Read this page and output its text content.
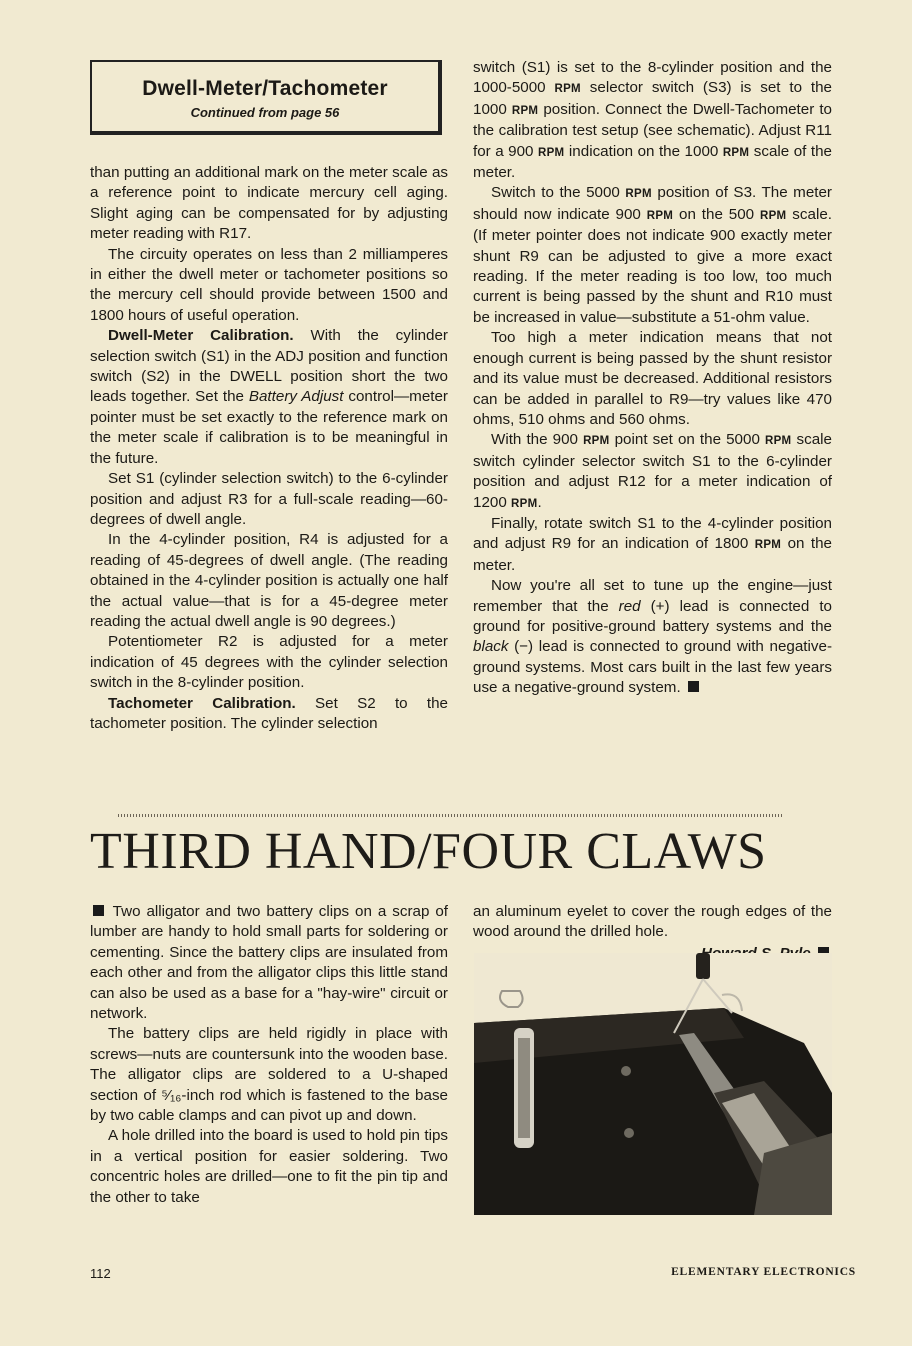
Dwell-Meter/Tachometer
Continued from page 56

than putting an additional mark on the meter scale as a reference point to indicate mercury cell aging. Slight aging can be compensated for by adjusting meter reading with R17.

The circuity operates on less than 2 milliamperes in either the dwell meter or tachometer positions so the mercury cell should provide between 1500 and 1800 hours of useful operation.

Dwell-Meter Calibration. With the cylinder selection switch (S1) in the ADJ position and function switch (S2) in the DWELL position short the two leads together. Set the Battery Adjust control—meter pointer must be set exactly to the reference mark on the meter scale if calibration is to be meaningful in the future.

Set S1 (cylinder selection switch) to the 6-cylinder position and adjust R3 for a full-scale reading—60-degrees of dwell angle.

In the 4-cylinder position, R4 is adjusted for a reading of 45-degrees of dwell angle. (The reading obtained in the 4-cylinder position is actually one half the actual value—that is for a 45-degree meter reading the actual dwell angle is 90 degrees.)

Potentiometer R2 is adjusted for a meter indication of 45 degrees with the cylinder selection switch in the 8-cylinder position.

Tachometer Calibration. Set S2 to the tachometer position. The cylinder selection

switch (S1) is set to the 8-cylinder position and the 1000-5000 RPM selector switch (S3) is set to the 1000 RPM position. Connect the Dwell-Tachometer to the calibration test setup (see schematic). Adjust R11 for a 900 RPM indication on the 1000 RPM scale of the meter.

Switch to the 5000 RPM position of S3. The meter should now indicate 900 RPM on the 500 RPM scale. (If meter pointer does not indicate 900 exactly meter shunt R9 can be adjusted to give a more exact reading. If the meter reading is too low, too much current is being passed by the shunt and R10 must be increased in value—substitute a 51-ohm value.

Too high a meter indication means that not enough current is being passed by the shunt resistor and its value must be decreased. Additional resistors can be added in parallel to R9—try values like 470 ohms, 510 ohms and 560 ohms.

With the 900 RPM point set on the 5000 RPM scale switch cylinder selector switch S1 to the 6-cylinder position and adjust R12 for a meter indication of 1200 RPM.

Finally, rotate switch S1 to the 4-cylinder position and adjust R9 for an indication of 1800 RPM on the meter.

Now you're all set to tune up the engine—just remember that the red (+) lead is connected to ground for positive-ground battery systems and the black (−) lead is connected to ground with negative-ground systems. Most cars built in the last few years use a negative-ground system.

THIRD HAND/FOUR CLAWS

Two alligator and two battery clips on a scrap of lumber are handy to hold small parts for soldering or cementing. Since the battery clips are insulated from each other and from the alligator clips this little stand can also be used as a base for a "hay-wire" circuit or network.

The battery clips are held rigidly in place with screws—nuts are countersunk into the wooden base. The alligator clips are soldered to a U-shaped section of ⁵⁄₁₆-inch rod which is fastened to the base by two cable clamps and can pivot up and down.

A hole drilled into the board is used to hold pin tips in a vertical position for easier soldering. Two concentric holes are drilled—one to fit the pin tip and the other to take

an aluminum eyelet to cover the rough edges of the wood around the drilled hole.

112	ELEMENTARY ELECTRONICS
